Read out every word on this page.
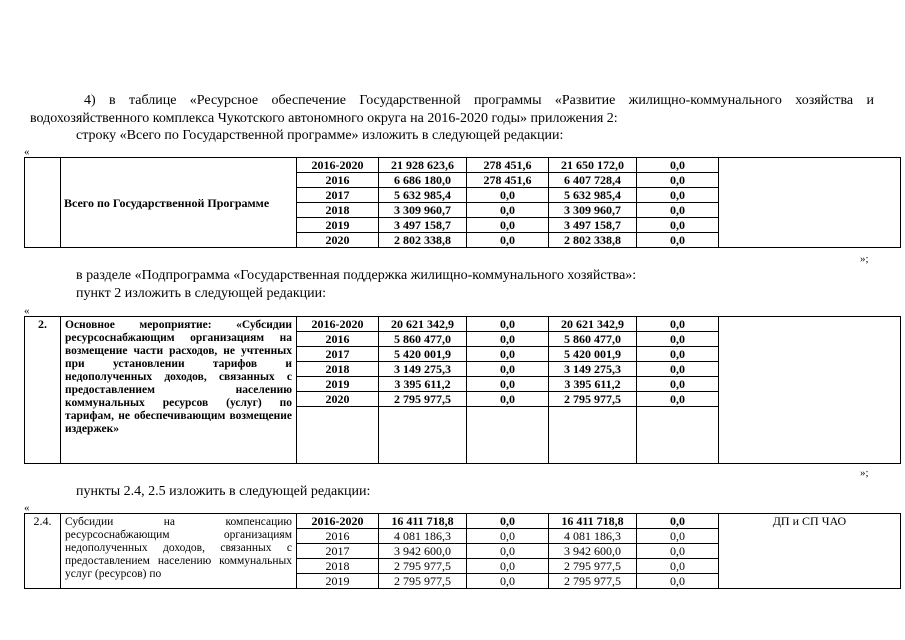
4) в таблице «Ресурсное обеспечение Государственной программы «Развитие жилищно-коммунального хозяйства и
водохозяйственного комплекса Чукотского автономного округа на 2016-2020 годы» приложения 2:
строку «Всего по Государственной программе» изложить в следующей редакции:
«
	Всего по Государственной Программе	2016-2020	21 928 623,6	278 451,6	21 650 172,0	0,0	
		2016	6 686 180,0	278 451,6	6 407 728,4	0,0	
		2017	5 632 985,4	0,0	5 632 985,4	0,0	
		2018	3 309 960,7	0,0	3 309 960,7	0,0	
		2019	3 497 158,7	0,0	3 497 158,7	0,0	
		2020	2 802 338,8	0,0	2 802 338,8	0,0	
»;
в разделе «Подпрограмма «Государственная поддержка жилищно-коммунального хозяйства»:
пункт 2 изложить в следующей редакции:
«
2.	Основное мероприятие: «Субсидии ресурсоснабжающим организациям на возмещение части расходов, не учтенных при установлении тарифов и недополученных доходов, связанных с предоставлением населению коммунальных ресурсов (услуг) по тарифам, не обеспечивающим возмещение издержек»	2016-2020	20 621 342,9	0,0	20 621 342,9	0,0	
		2016	5 860 477,0	0,0	5 860 477,0	0,0	
		2017	5 420 001,9	0,0	5 420 001,9	0,0	
		2018	3 149 275,3	0,0	3 149 275,3	0,0	
		2019	3 395 611,2	0,0	3 395 611,2	0,0	
		2020	2 795 977,5	0,0	2 795 977,5	0,0	

»;
пункты 2.4, 2.5 изложить в следующей редакции:
«
2.4.	Субсидии на компенсацию ресурсоснабжающим организациям недополученных доходов, связанных с предоставлением населению коммунальных услуг (ресурсов) по	2016-2020	16 411 718,8	0,0	16 411 718,8	0,0	ДП и СП ЧАО
		2016	4 081 186,3	0,0	4 081 186,3	0,0	
		2017	3 942 600,0	0,0	3 942 600,0	0,0	
		2018	2 795 977,5	0,0	2 795 977,5	0,0	
		2019	2 795 977,5	0,0	2 795 977,5	0,0	
